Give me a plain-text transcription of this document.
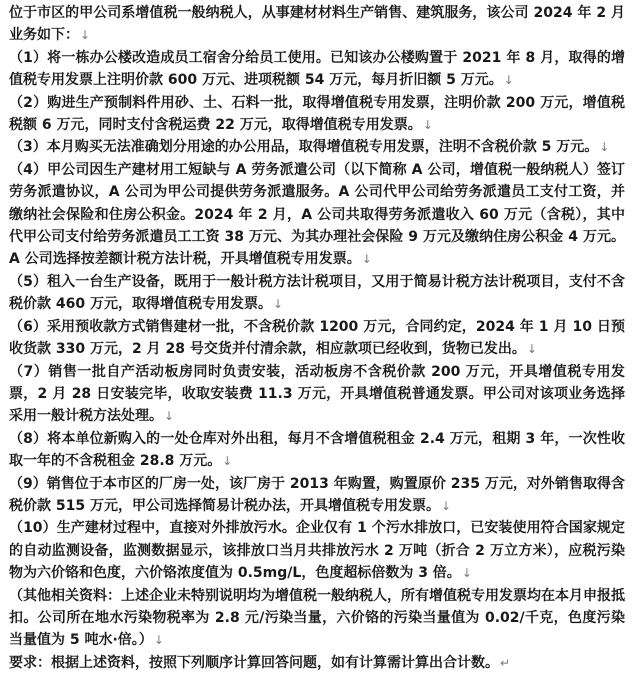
位于市区的甲公司系增值税一般纳税人，从事建材材料生产销售、建筑服务，该公司 2024 年 2 月业务如下：↓

（1）将一栋办公楼改造成员工宿舍分给员工使用。已知该办公楼购置于 2021 年 8 月，取得的增值税专用发票上注明价款 600 万元、进项税额 54 万元，每月折旧额 5 万元。↓

（2）购进生产预制料件用砂、土、石料一批，取得增值税专用发票，注明价款 200 万元，增值税税额 6 万元，同时支付含税运费 22 万元，取得增值税专用发票。↓

（3）本月购买无法准确划分用途的办公用品，取得增值税专用发票，注明不含税价款 5 万元。↓

（4）甲公司因生产建材用工短缺与 A 劳务派遣公司（以下简称 A 公司，增值税一般纳税人）签订劳务派遣协议，A 公司为甲公司提供劳务派遣服务。A 公司代甲公司给劳务派遣员工支付工资，并缴纳社会保险和住房公积金。2024 年 2 月，A 公司共取得劳务派遣收入 60 万元（含税），其中代甲公司支付给劳务派遣员工工资 38 万元、为其办理社会保险 9 万元及缴纳住房公积金 4 万元。A 公司选择按差额计税方法计税，开具增值税专用发票。↓

（5）租入一台生产设备，既用于一般计税方法计税项目，又用于简易计税方法计税项目，支付不含税价款 460 万元，取得增值税专用发票。↓

（6）采用预收款方式销售建材一批，不含税价款 1200 万元，合同约定，2024 年 1 月 10 日预收货款 330 万元，2 月 28 号交货并付清余款，相应款项已经收到，货物已发出。↓

（7）销售一批自产活动板房同时负责安装，活动板房不含税价款 200 万元，开具增值税专用发票，2 月 28 日安装完毕，收取安装费 11.3 万元，开具增值税普通发票。甲公司对该项业务选择采用一般计税方法处理。↓

（8）将本单位新购入的一处仓库对外出租，每月不含增值税租金 2.4 万元，租期 3 年，一次性收取一年的不含税租金 28.8 万元。↓

（9）销售位于本市区的厂房一处，该厂房于 2013 年购置，购置原价 235 万元，对外销售取得含税价款 515 万元，甲公司选择简易计税办法，开具增值税专用发票。↓

（10）生产建材过程中，直接对外排放污水。企业仅有 1 个污水排放口，已安装使用符合国家规定的自动监测设备，监测数据显示，该排放口当月共排放污水 2 万吨（折合 2 万立方米），应税污染物为六价铬和色度，六价铬浓度值为 0.5mg/L，色度超标倍数为 3 倍。↓

（其他相关资料：上述企业未特别说明均为增值税一般纳税人，所有增值税专用发票均在本月申报抵扣。公司所在地水污染物税率为 2.8 元/污染当量，六价铬的污染当量值为 0.02/千克，色度污染当量值为 5 吨水·倍。）↓

要求：根据上述资料，按照下列顺序计算回答问题，如有计算需计算出合计数。↵
